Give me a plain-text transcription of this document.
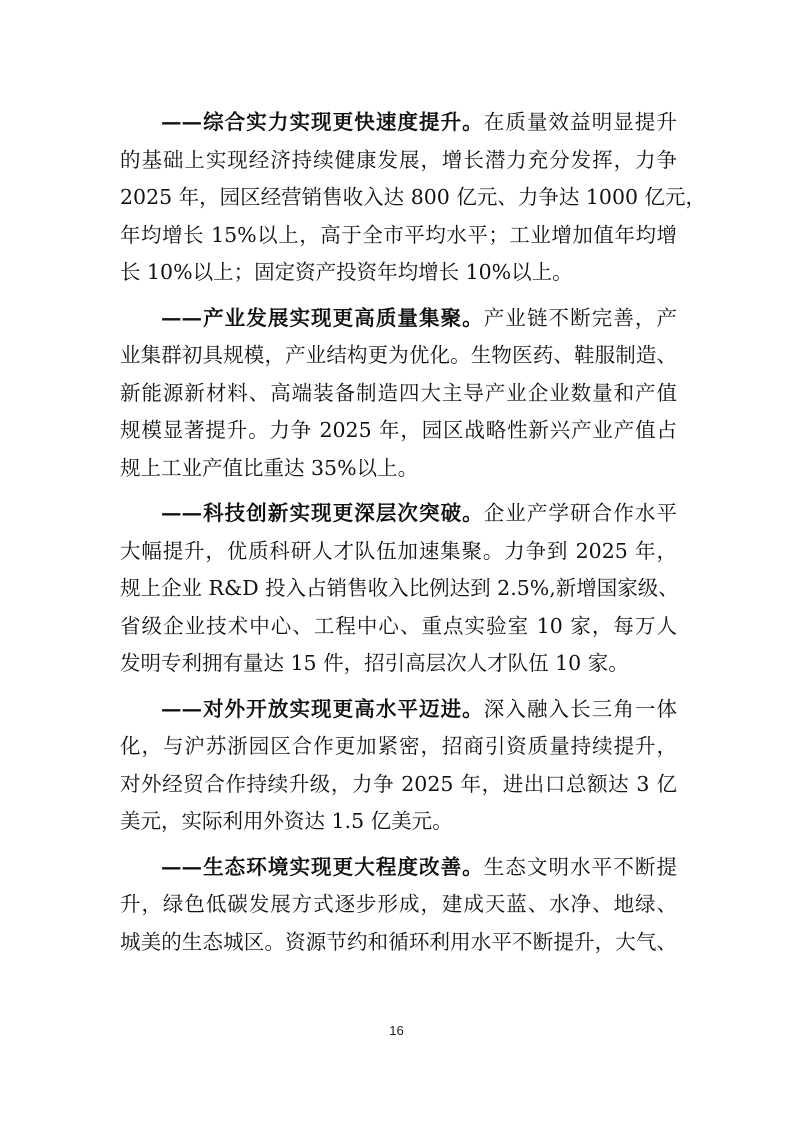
——综合实力实现更快速度提升。在质量效益明显提升
的基础上实现经济持续健康发展，增长潜力充分发挥，力争
2025 年，园区经营销售收入达 800 亿元、力争达 1000 亿元，
年均增长 15%以上，高于全市平均水平；工业增加值年均增
长 10%以上；固定资产投资年均增长 10%以上。
——产业发展实现更高质量集聚。产业链不断完善，产
业集群初具规模，产业结构更为优化。生物医药、鞋服制造、
新能源新材料、高端装备制造四大主导产业企业数量和产值
规模显著提升。力争 2025 年，园区战略性新兴产业产值占
规上工业产值比重达 35%以上。
——科技创新实现更深层次突破。企业产学研合作水平
大幅提升，优质科研人才队伍加速集聚。力争到 2025 年，
规上企业 R&D 投入占销售收入比例达到 2.5%,新增国家级、
省级企业技术中心、工程中心、重点实验室 10 家，每万人
发明专利拥有量达 15 件，招引高层次人才队伍 10 家。
——对外开放实现更高水平迈进。深入融入长三角一体
化，与沪苏浙园区合作更加紧密，招商引资质量持续提升，
对外经贸合作持续升级，力争 2025 年，进出口总额达 3 亿
美元，实际利用外资达 1.5 亿美元。
——生态环境实现更大程度改善。生态文明水平不断提
升，绿色低碳发展方式逐步形成，建成天蓝、水净、地绿、
城美的生态城区。资源节约和循环利用水平不断提升，大气、
16
